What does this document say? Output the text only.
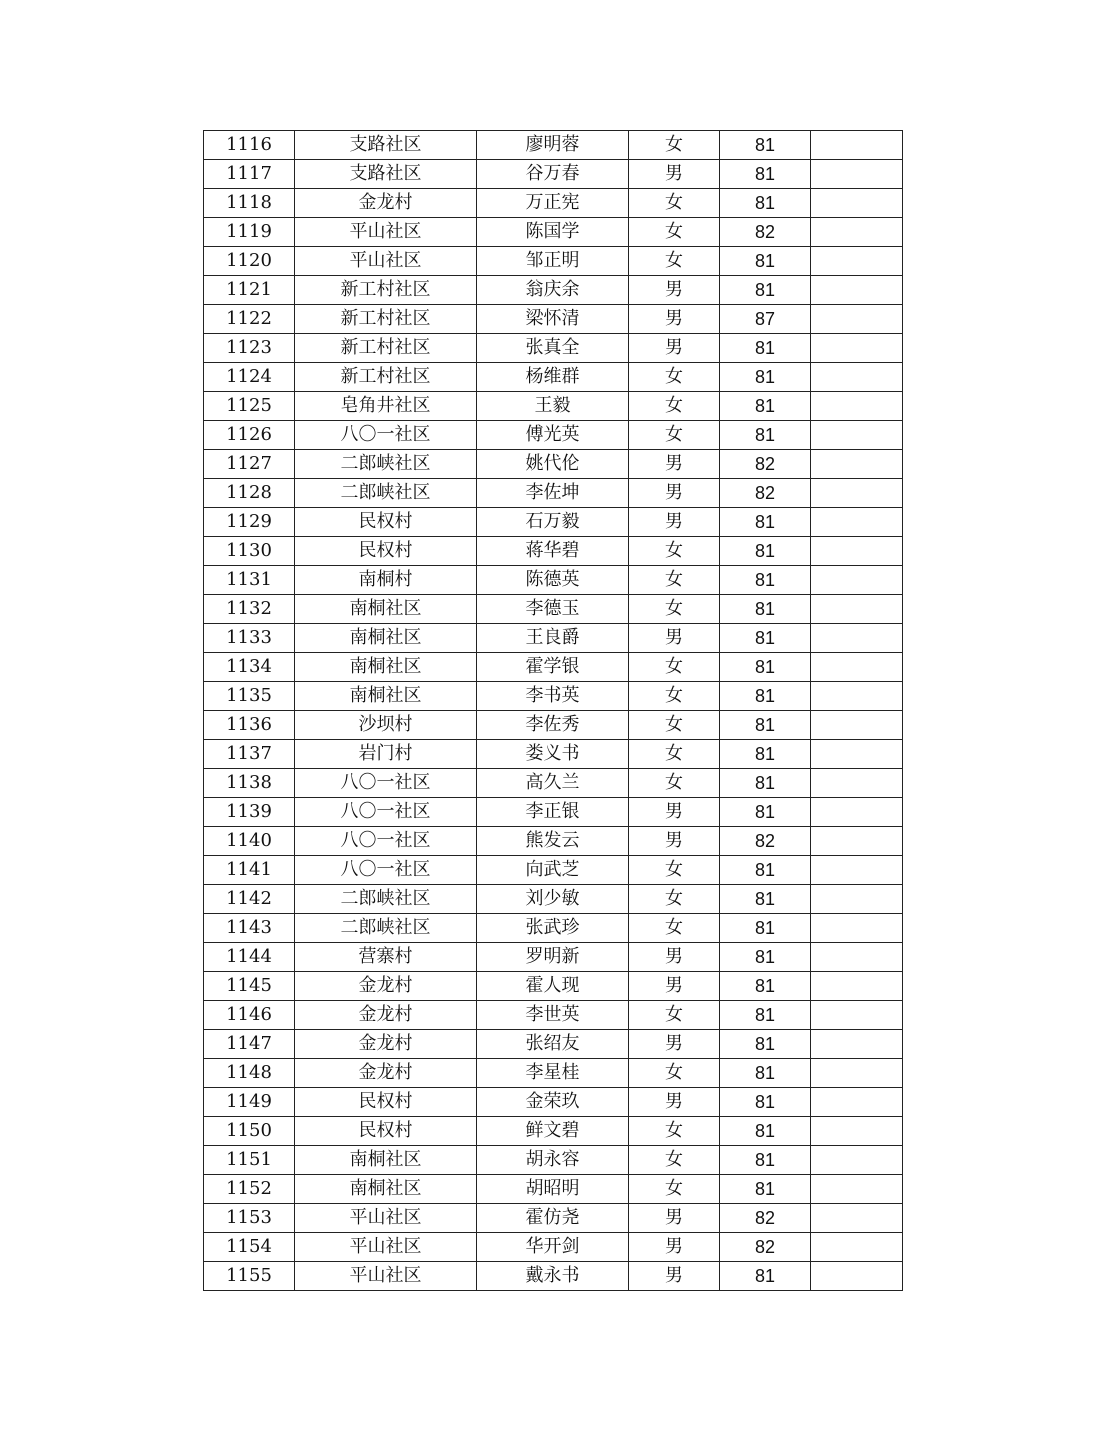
1116	支路社区	廖明蓉	女	81	
1117	支路社区	谷万春	男	81	
1118	金龙村	万正宪	女	81	
1119	平山社区	陈国学	女	82	
1120	平山社区	邹正明	女	81	
1121	新工村社区	翁庆余	男	81	
1122	新工村社区	梁怀清	男	87	
1123	新工村社区	张真全	男	81	
1124	新工村社区	杨维群	女	81	
1125	皂角井社区	王毅	女	81	
1126	八〇一社区	傅光英	女	81	
1127	二郎峡社区	姚代伦	男	82	
1128	二郎峡社区	李佐坤	男	82	
1129	民权村	石万毅	男	81	
1130	民权村	蒋华碧	女	81	
1131	南桐村	陈德英	女	81	
1132	南桐社区	李德玉	女	81	
1133	南桐社区	王良爵	男	81	
1134	南桐社区	霍学银	女	81	
1135	南桐社区	李书英	女	81	
1136	沙坝村	李佐秀	女	81	
1137	岩门村	娄义书	女	81	
1138	八〇一社区	高久兰	女	81	
1139	八〇一社区	李正银	男	81	
1140	八〇一社区	熊发云	男	82	
1141	八〇一社区	向武芝	女	81	
1142	二郎峡社区	刘少敏	女	81	
1143	二郎峡社区	张武珍	女	81	
1144	营寨村	罗明新	男	81	
1145	金龙村	霍人现	男	81	
1146	金龙村	李世英	女	81	
1147	金龙村	张绍友	男	81	
1148	金龙村	李星桂	女	81	
1149	民权村	金荣玖	男	81	
1150	民权村	鲜文碧	女	81	
1151	南桐社区	胡永容	女	81	
1152	南桐社区	胡昭明	女	81	
1153	平山社区	霍仿尧	男	82	
1154	平山社区	华开剑	男	82	
1155	平山社区	戴永书	男	81	
